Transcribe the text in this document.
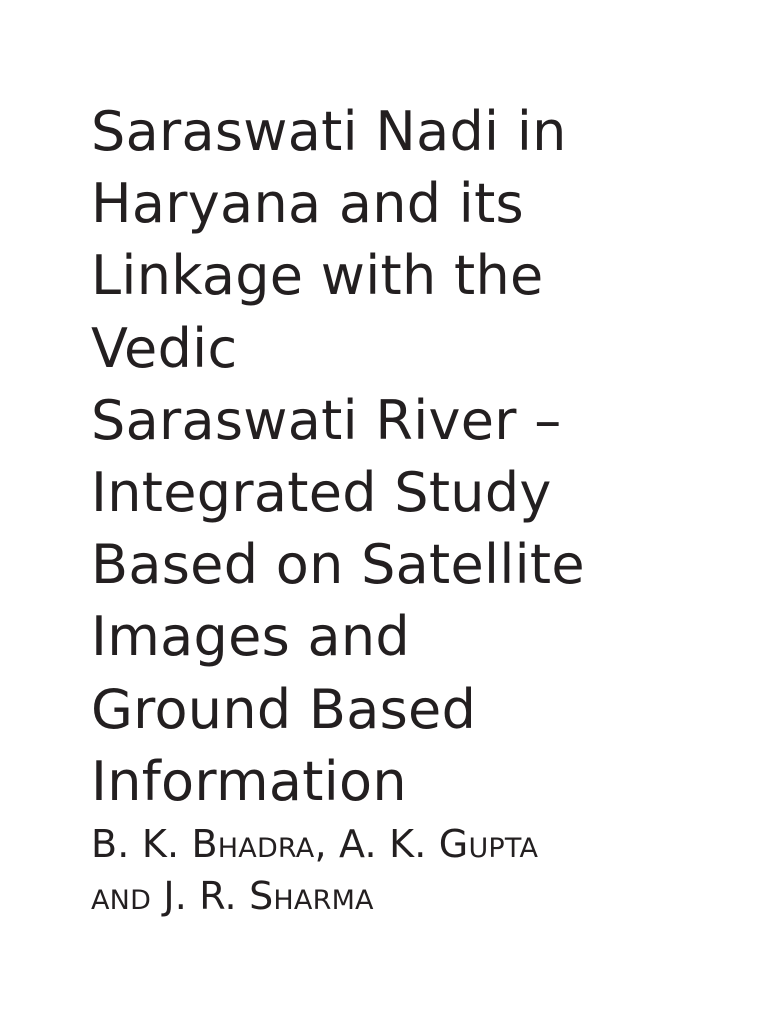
Saraswati Nadi in
Haryana and its
Linkage with the
Vedic
Saraswati River –
Integrated Study
Based on Satellite
Images and
Ground Based
Information
B. K. Bhadra, A. K. Gupta
and J. R. Sharma
